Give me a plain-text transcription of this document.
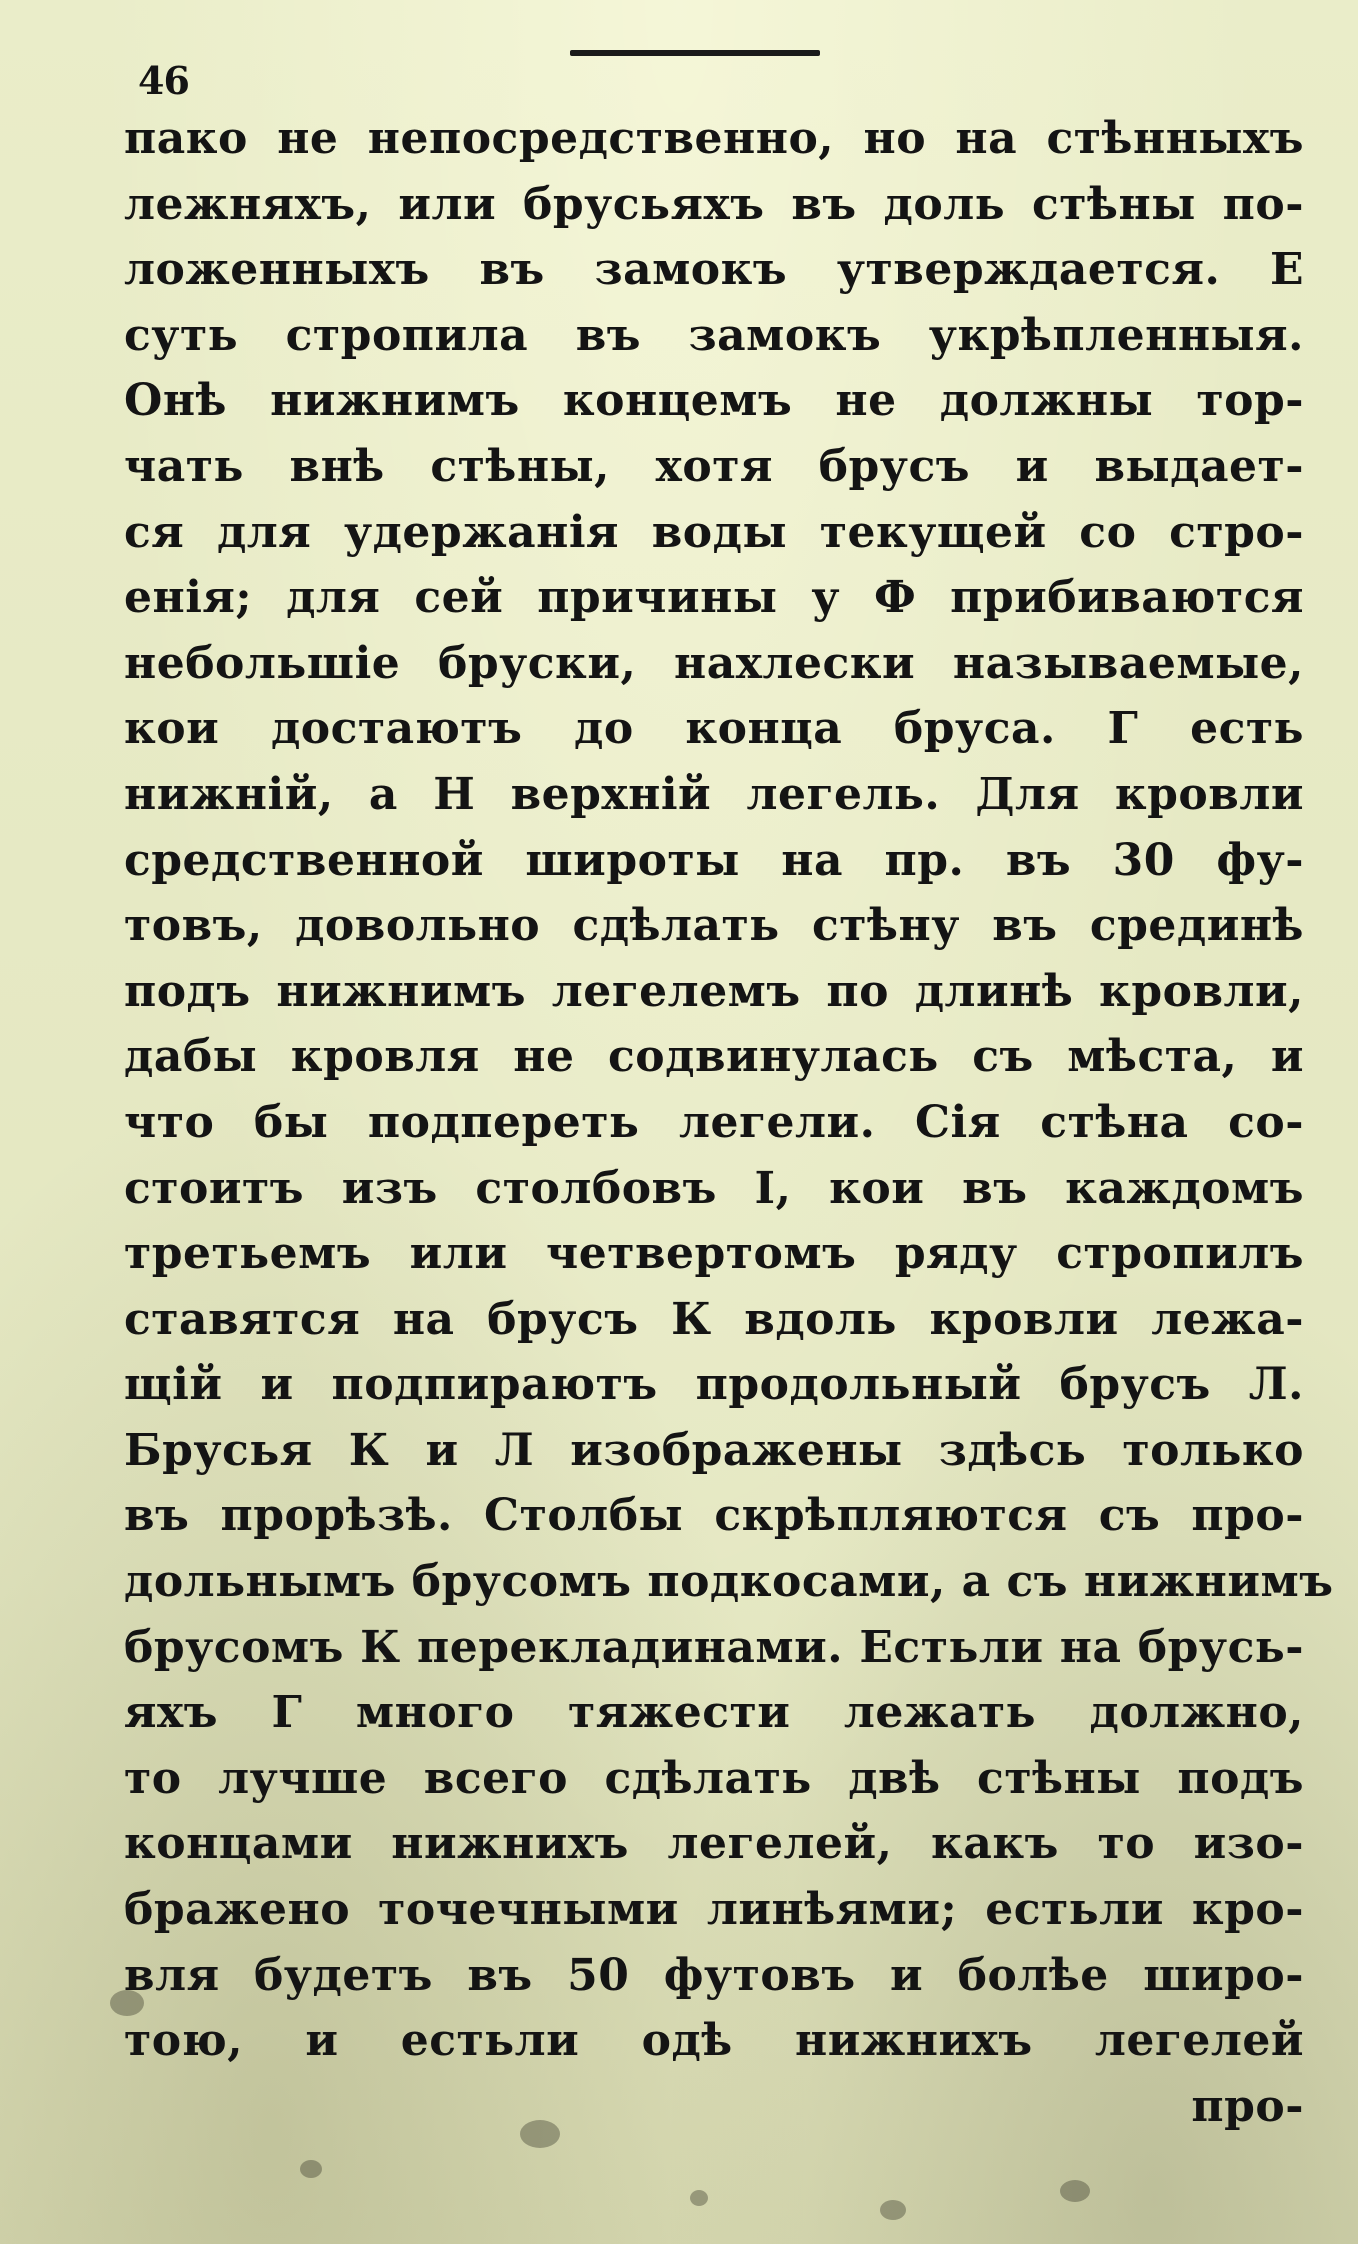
46
пако не непосредственно, но на стѣнныхъ
лежняхъ, или брусьяхъ въ доль стѣны по-
ложенныхъ въ замокъ утверждается. Е
суть стропила въ замокъ укрѣпленныя.
Онѣ нижнимъ концемъ не должны тор-
чать внѣ стѣны, хотя брусъ и выдает-
ся для удержанія воды текущей со стро-
енія; для сей причины у Ф прибиваются
небольшіе бруски, нахлески называемые,
кои достаютъ до конца бруса. Г есть
нижній, а Н верхній легель. Для кровли
средственной широты на пр. въ 30 фу-
товъ, довольно сдѣлать стѣну въ срединѣ
подъ нижнимъ легелемъ по длинѣ кровли,
дабы кровля не содвинулась съ мѣста, и
что бы подпереть легели. Сія стѣна со-
стоитъ изъ столбовъ I, кои въ каждомъ
третьемъ или четвертомъ ряду стропилъ
ставятся на брусъ К вдоль кровли лежа-
щій и подпираютъ продольный брусъ Л.
Брусья К и Л изображены здѣсь только
въ прорѣзѣ. Столбы скрѣпляются съ про-
дольнымъ брусомъ подкосами, а съ нижнимъ
брусомъ К перекладинами. Естьли на брусь-
яхъ Г много тяжести лежать должно,
то лучше всего сдѣлать двѣ стѣны подъ
концами нижнихъ легелей, какъ то изо-
бражено точечными линѣями; естьли кро-
вля будетъ въ 50 футовъ и болѣе широ-
тою, и естьли одѣ нижнихъ легелей
про-
